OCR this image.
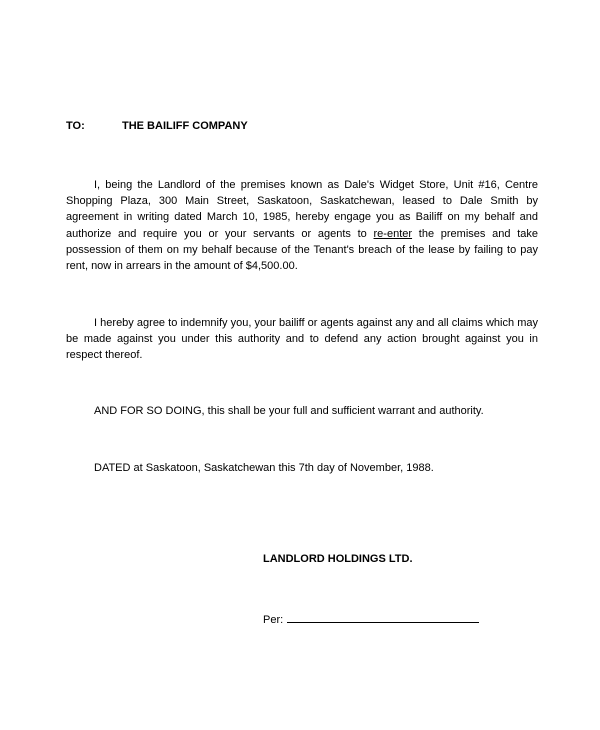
TO:	THE BAILIFF COMPANY

I, being the Landlord of the premises known as Dale's Widget Store, Unit #16, Centre Shopping Plaza, 300 Main Street, Saskatoon, Saskatchewan, leased to Dale Smith by agreement in writing dated March 10, 1985, hereby engage you as Bailiff on my behalf and authorize and require you or your servants or agents to re-enter the premises and take possession of them on my behalf because of the Tenant's breach of the lease by failing to pay rent, now in arrears in the amount of $4,500.00.

I hereby agree to indemnify you, your bailiff or agents against any and all claims which may be made against you under this authority and to defend any action brought against you in respect thereof.

AND FOR SO DOING, this shall be your full and sufficient warrant and authority.

DATED at Saskatoon, Saskatchewan this 7th day of November, 1988.

LANDLORD HOLDINGS LTD.
Per:
